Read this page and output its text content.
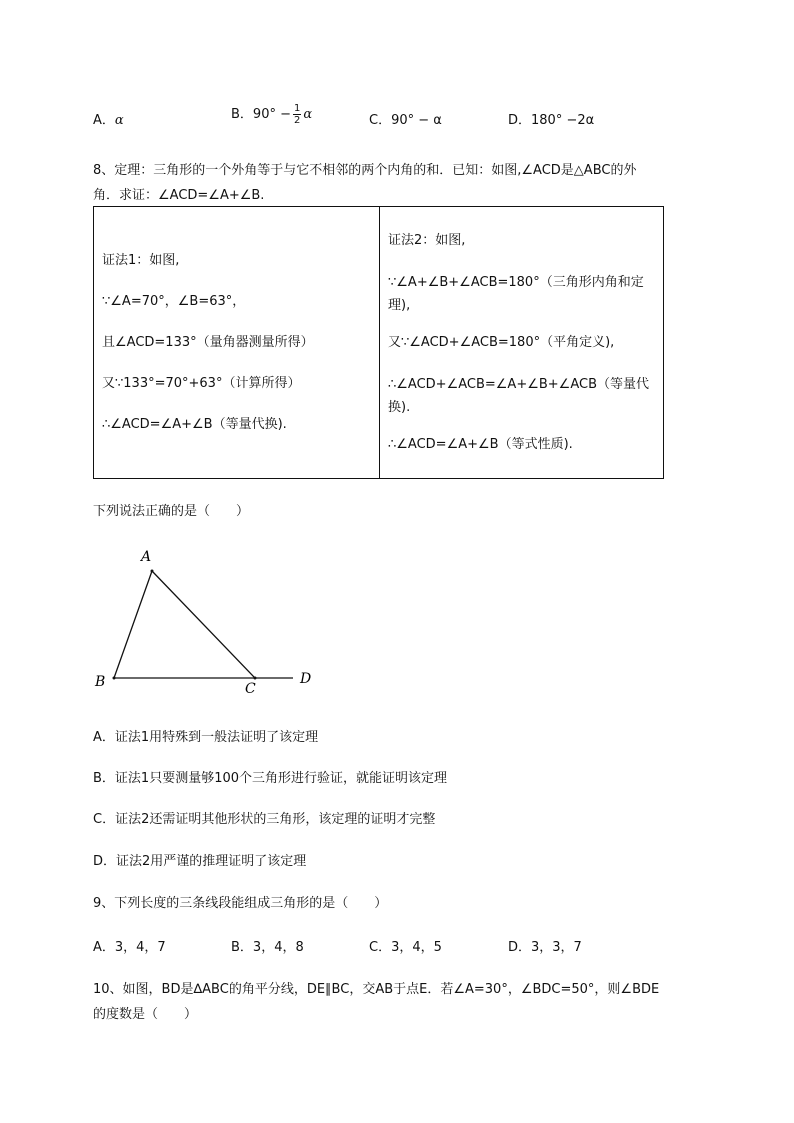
A．α	B．$90^\circ - \frac{1}{2}$ α	C．90° − α	D．180° −2α
8、定理：三角形的一个外角等于与它不相邻的两个内角的和．已知：如图,∠ACD是△ABC的外
角．求证：∠ACD=∠A+∠B.
证法1：如图,
∵∠A=70°，∠B=63°，
且∠ACD=133°（量角器测量所得）
又∵133°=70°+63°（计算所得）
∴∠ACD=∠A+∠B（等量代换).

证法2：如图,
∵∠A+∠B+∠ACB=180°（三角形内角和定理),
又∵∠ACD+∠ACB=180°（平角定义),
∴∠ACD+∠ACB=∠A+∠B+∠ACB（等量代换).
∴∠ACD=∠A+∠B（等式性质).
下列说法正确的是（　　）
A
B	C
D
A．证法1用特殊到一般法证明了该定理
B．证法1只要测量够100个三角形进行验证，就能证明该定理
C．证法2还需证明其他形状的三角形，该定理的证明才完整
D．证法2用严谨的推理证明了该定理
9、下列长度的三条线段能组成三角形的是（　　）
A．3，4，7	B．3，4，8	C．3，4，5	D．3，3，7
10、如图，BD是∆ABC的角平分线，DE∥BC，交AB于点E．若∠A=30°，∠BDC=50°，则∠BDE
的度数是（　　）
